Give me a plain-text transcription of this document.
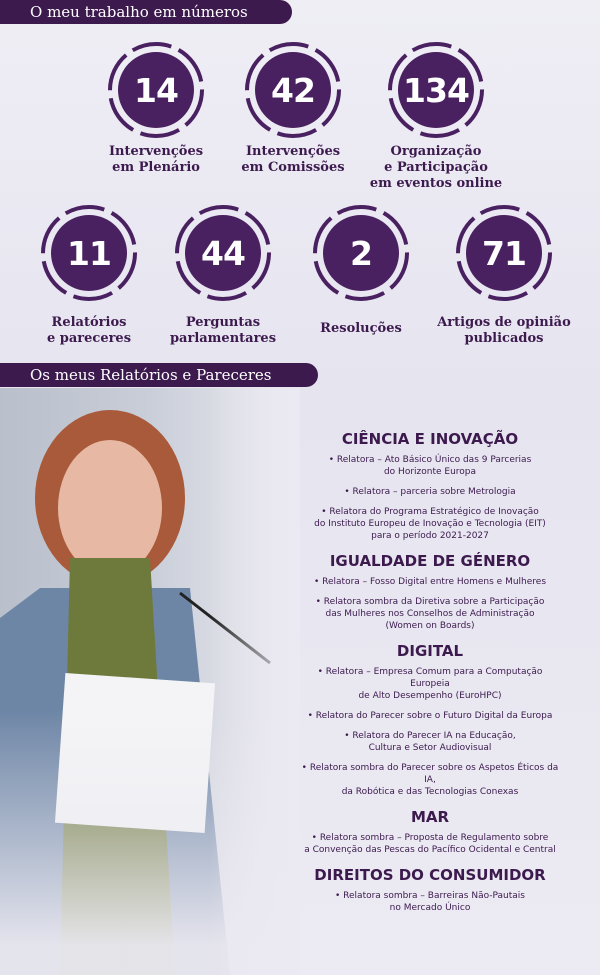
O meu trabalho em números
14
Intervenções
em Plenário
42
Intervenções
em Comissões
134
Organização
e Participação
em eventos online
11
Relatórios
e pareceres
44
Perguntas
parlamentares
2
Resoluções
71
Artigos de opinião
publicados
Os meus Relatórios e Pareceres
CIÊNCIA E INOVAÇÃO
• Relatora – Ato Básico Único das 9 Parcerias
do Horizonte Europa
• Relatora – parceria sobre Metrologia
• Relatora do Programa Estratégico de Inovação
do Instituto Europeu de Inovação e Tecnologia (EIT)
para o período 2021-2027
IGUALDADE DE GÉNERO
• Relatora – Fosso Digital entre Homens e Mulheres
• Relatora sombra da Diretiva sobre a Participação
das Mulheres nos Conselhos de Administração
(Women on Boards)
DIGITAL
• Relatora – Empresa Comum para a Computação Europeia
de Alto Desempenho (EuroHPC)
• Relatora do Parecer sobre o Futuro Digital da Europa
• Relatora do Parecer IA na Educação,
Cultura e Setor Audiovisual
• Relatora sombra do Parecer sobre os Aspetos Éticos da IA,
da Robótica e das Tecnologias Conexas
MAR
• Relatora sombra – Proposta de Regulamento sobre
a Convenção das Pescas do Pacífico Ocidental e Central
DIREITOS DO CONSUMIDOR
• Relatora sombra – Barreiras Não-Pautais
no Mercado Único
